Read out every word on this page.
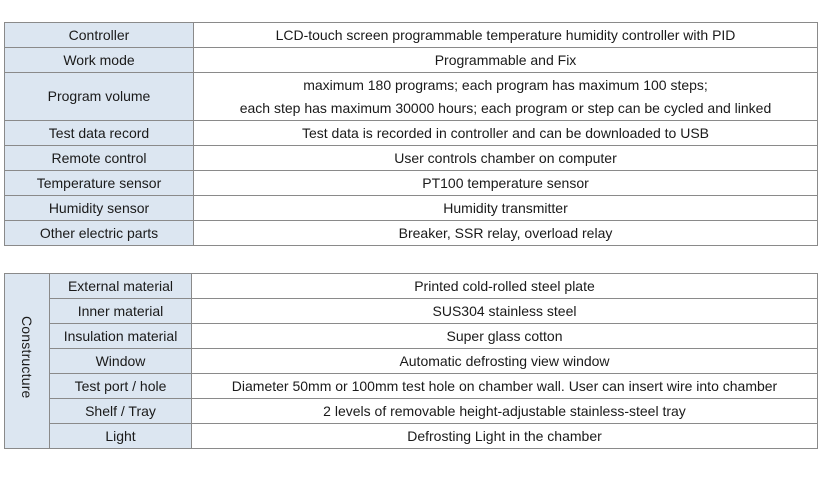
Controller	LCD-touch screen programmable temperature humidity controller with PID
Work mode	Programmable and Fix
Program volume	maximum 180 programs; each program has maximum 100 steps;
each step has maximum 30000 hours; each program or step can be cycled and linked

Test data record	Test data is recorded in controller and can be downloaded to USB
Remote control	User controls chamber on computer
Temperature sensor	PT100 temperature sensor
Humidity sensor	Humidity transmitter
Other electric parts	Breaker, SSR relay, overload relay
Constructure	External material	Printed cold-rolled steel plate
	Inner material	SUS304 stainless steel
	Insulation material	Super glass cotton
	Window	Automatic defrosting view window
	Test port / hole	Diameter 50mm or 100mm test hole on chamber wall. User can insert wire into chamber
	Shelf / Tray	2 levels of removable height-adjustable stainless-steel tray
	Light	Defrosting Light in the chamber
